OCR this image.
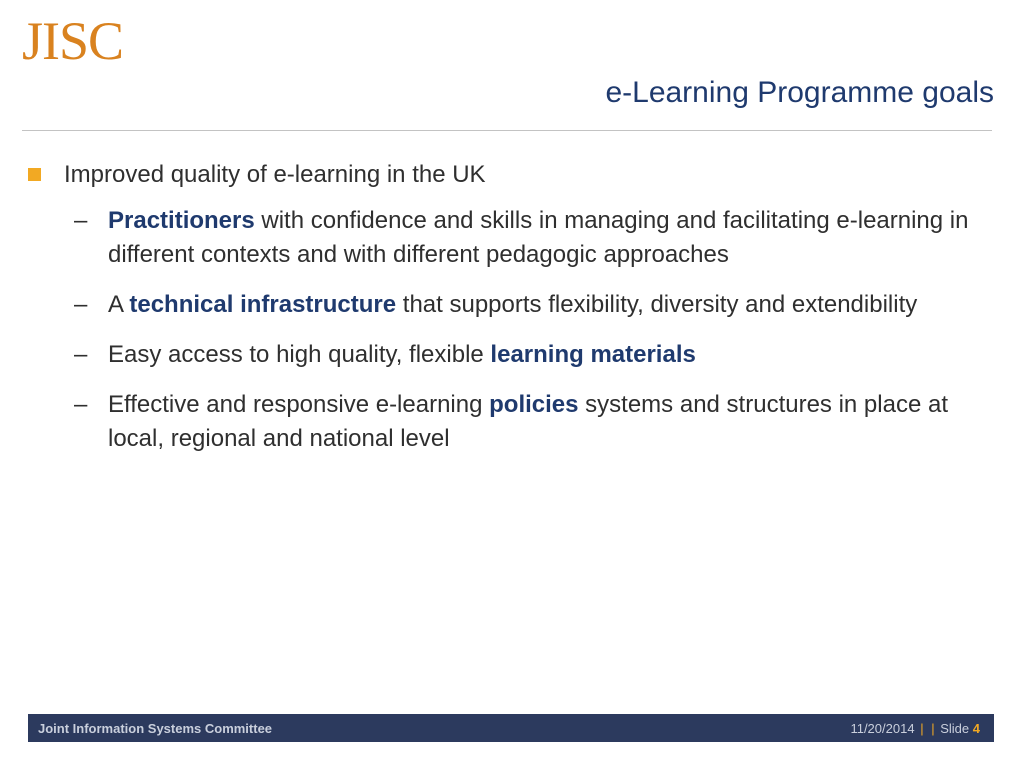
JISC
e-Learning Programme goals
Improved quality of e-learning in the UK
– Practitioners with confidence and skills in managing and facilitating e-learning in different contexts and with different pedagogic approaches
– A technical infrastructure that supports flexibility, diversity and extendibility
– Easy access to high quality, flexible learning materials
– Effective and responsive e-learning policies systems and structures in place at local, regional and national level
Joint Information Systems Committee	11/20/2014 | | Slide 4
